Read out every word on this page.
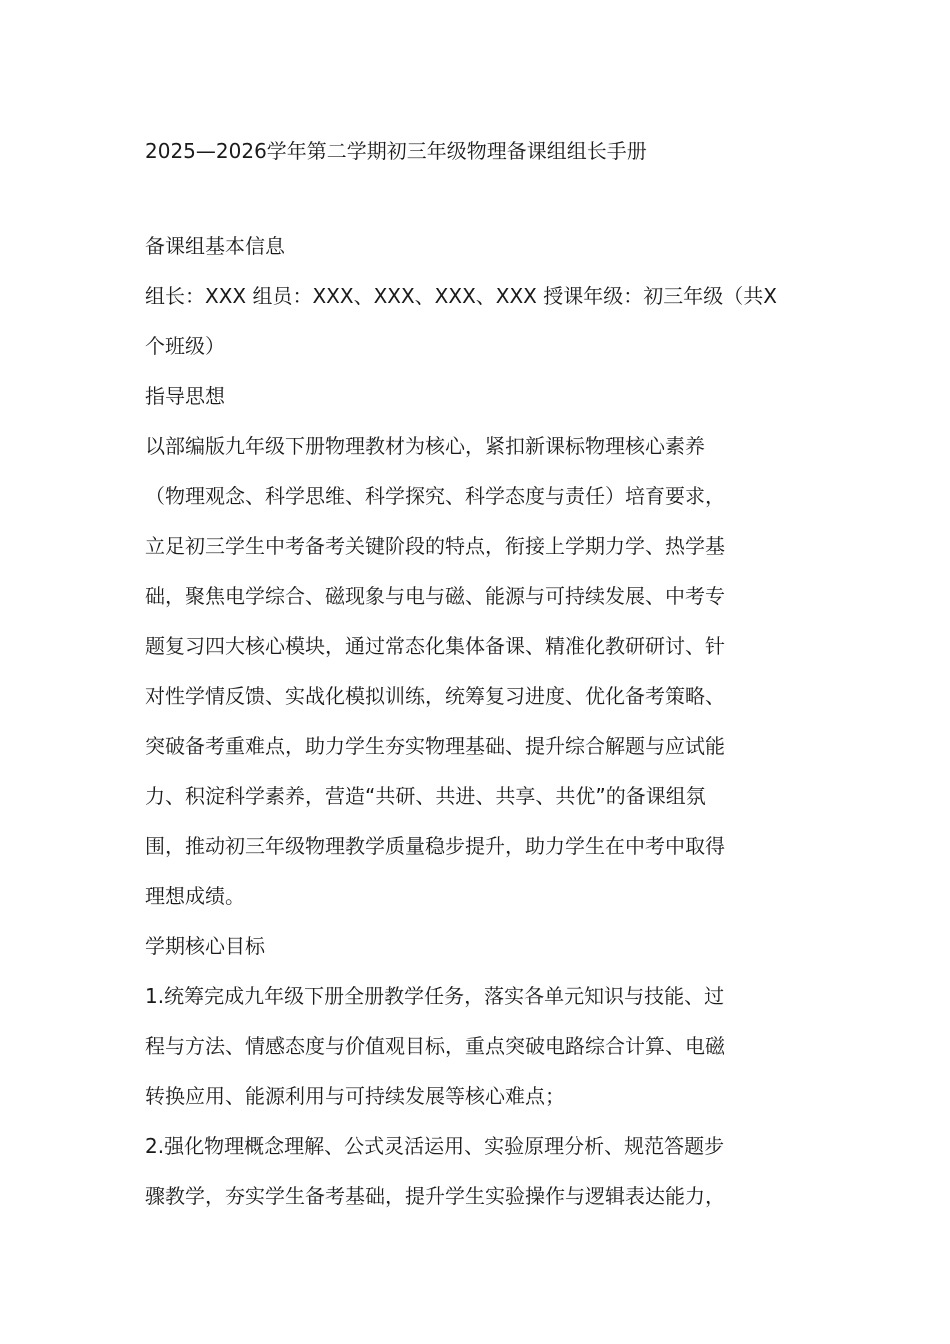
2025—2026学年第二学期初三年级物理备课组组长手册
备课组基本信息
组长：XXX 组员：XXX、XXX、XXX、XXX 授课年级：初三年级（共X
个班级）
指导思想
以部编版九年级下册物理教材为核心，紧扣新课标物理核心素养
（物理观念、科学思维、科学探究、科学态度与责任）培育要求，
立足初三学生中考备考关键阶段的特点，衔接上学期力学、热学基
础，聚焦电学综合、磁现象与电与磁、能源与可持续发展、中考专
题复习四大核心模块，通过常态化集体备课、精准化教研研讨、针
对性学情反馈、实战化模拟训练，统筹复习进度、优化备考策略、
突破备考重难点，助力学生夯实物理基础、提升综合解题与应试能
力、积淀科学素养，营造“共研、共进、共享、共优”的备课组氛
围，推动初三年级物理教学质量稳步提升，助力学生在中考中取得
理想成绩。
学期核心目标
1.统筹完成九年级下册全册教学任务，落实各单元知识与技能、过
程与方法、情感态度与价值观目标，重点突破电路综合计算、电磁
转换应用、能源利用与可持续发展等核心难点；
2.强化物理概念理解、公式灵活运用、实验原理分析、规范答题步
骤教学，夯实学生备考基础，提升学生实验操作与逻辑表达能力，
